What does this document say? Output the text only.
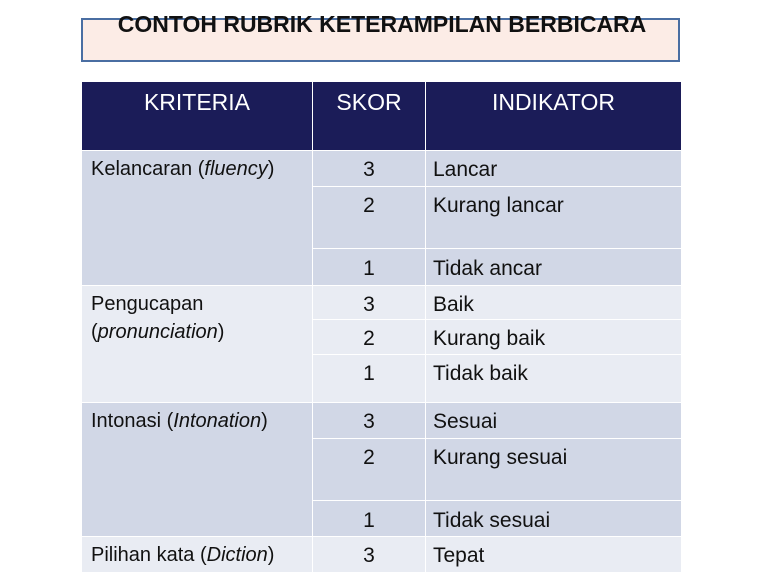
CONTOH RUBRIK KETERAMPILAN BERBICARA
KRITERIA	SKOR	INDIKATOR
Kelancaran (fluency)	3	Lancar

	2	Kurang lancar

	1	Tidak ancar

Pengucapan
(pronunciation)	3	Baik

	2	Kurang baik

	1	Tidak baik

Intonasi (Intonation)	3	Sesuai

	2	Kurang sesuai

	1	Tidak sesuai

Pilihan kata (Diction)	3	Tepat
